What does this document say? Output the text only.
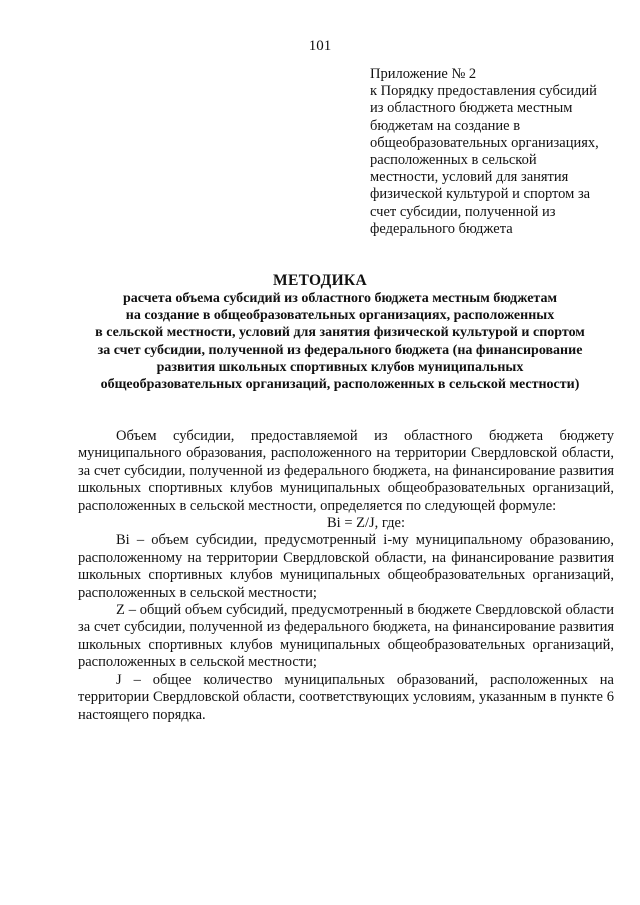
101
Приложение № 2
к Порядку предоставления субсидий
из областного бюджета местным
бюджетам на создание в
общеобразовательных организациях,
расположенных в сельской
местности, условий для занятия
физической культурой и спортом за
счет субсидии, полученной из
федерального бюджета
МЕТОДИКА
расчета объема субсидий из областного бюджета местным бюджетам
на создание в общеобразовательных организациях, расположенных
в сельской местности, условий для занятия физической культурой и спортом
за счет субсидии, полученной из федерального бюджета (на финансирование
развития школьных спортивных клубов муниципальных
общеобразовательных организаций, расположенных в сельской местности)

Объем субсидии, предоставляемой из областного бюджета бюджету муниципального образования, расположенного на территории Свердловской области, за счет субсидии, полученной из федерального бюджета, на финансирование развития школьных спортивных клубов муниципальных общеобразовательных организаций, расположенных в сельской местности, определяется по следующей формуле:

Bi = Z/J, где:

Bi – объем субсидии, предусмотренный i-му муниципальному образованию, расположенному на территории Свердловской области, на финансирование развития школьных спортивных клубов муниципальных общеобразовательных организаций, расположенных в сельской местности;

Z – общий объем субсидий, предусмотренный в бюджете Свердловской области за счет субсидии, полученной из федерального бюджета, на финансирование развития школьных спортивных клубов муниципальных общеобразовательных организаций, расположенных в сельской местности;

J – общее количество муниципальных образований, расположенных на территории Свердловской области, соответствующих условиям, указанным в пункте 6 настоящего порядка.
